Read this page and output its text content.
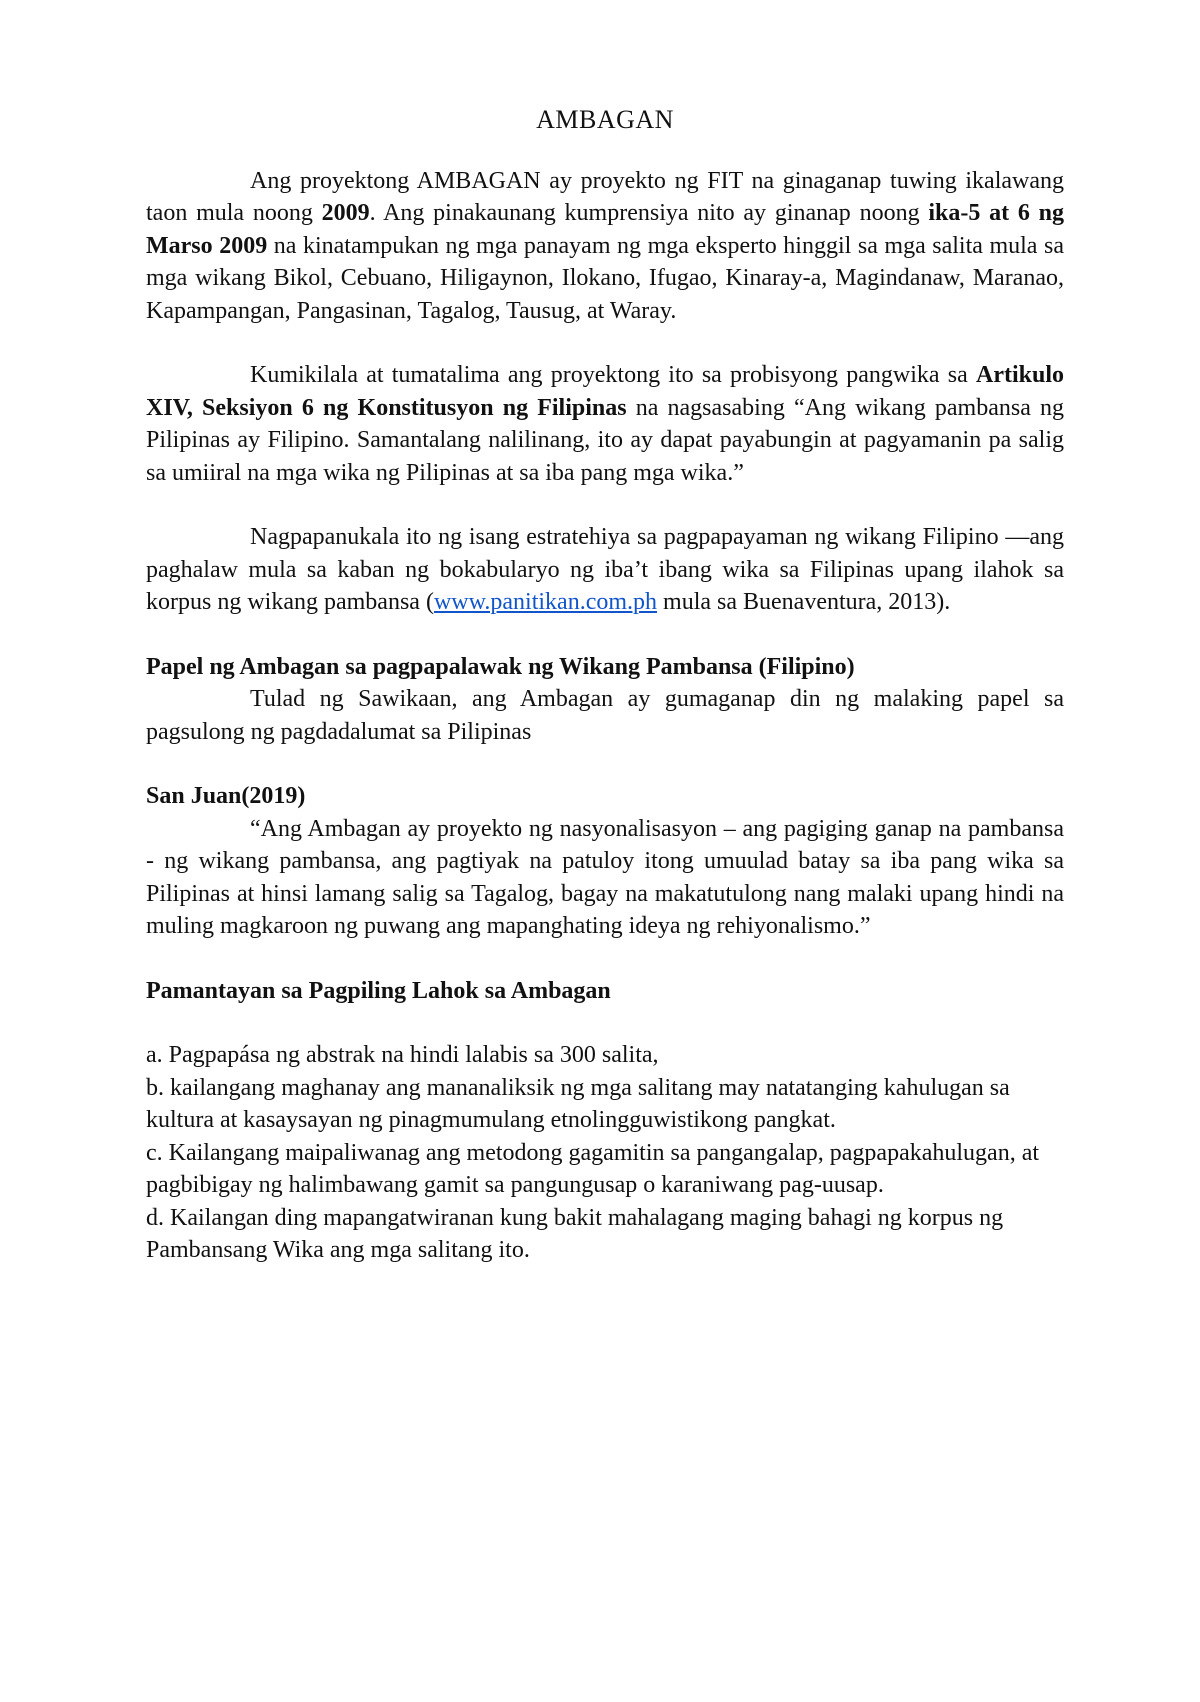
AMBAGAN

Ang proyektong AMBAGAN ay proyekto ng FIT na ginaganap tuwing ikalawang taon mula noong 2009. Ang pinakaunang kumprensiya nito ay ginanap noong ika-5 at 6 ng Marso 2009 na kinatampukan ng mga panayam ng mga eksperto hinggil sa mga salita mula sa mga wikang Bikol, Cebuano, Hiligaynon, Ilokano, Ifugao, Kinaray-a, Magindanaw, Maranao, Kapampangan, Pangasinan, Tagalog, Tausug, at Waray.

Kumikilala at tumatalima ang proyektong ito sa probisyong pangwika sa Artikulo XIV, Seksiyon 6 ng Konstitusyon ng Filipinas na nagsasabing “Ang wikang pambansa ng Pilipinas ay Filipino. Samantalang nalilinang, ito ay dapat payabungin at pagyamanin pa salig sa umiiral na mga wika ng Pilipinas at sa iba pang mga wika.”

Nagpapanukala ito ng isang estratehiya sa pagpapayaman ng wikang Filipino —ang paghalaw mula sa kaban ng bokabularyo ng iba’t ibang wika sa Filipinas upang ilahok sa korpus ng wikang pambansa (www.panitikan.com.ph mula sa Buenaventura, 2013).

Papel ng Ambagan sa pagpapalawak ng Wikang Pambansa (Filipino)

Tulad ng Sawikaan, ang Ambagan ay gumaganap din ng malaking papel sa pagsulong ng pagdadalumat sa Pilipinas

San Juan(2019)

“Ang Ambagan ay proyekto ng nasyonalisasyon – ang pagiging ganap na pambansa - ng wikang pambansa, ang pagtiyak na patuloy itong umuulad batay sa iba pang wika sa Pilipinas at hinsi lamang salig sa Tagalog, bagay na makatutulong nang malaki upang hindi na muling magkaroon ng puwang ang mapanghating ideya ng rehiyonalismo.”

Pamantayan sa Pagpiling Lahok sa Ambagan

a. Pagpapása ng abstrak na hindi lalabis sa 300 salita,

b. kailangang maghanay ang mananaliksik ng mga salitang may natatanging kahulugan sa kultura at kasaysayan ng pinagmumulang etnolingguwistikong pangkat.

c. Kailangang maipaliwanag ang metodong gagamitin sa pangangalap, pagpapakahulugan, at pagbibigay ng halimbawang gamit sa pangungusap o karaniwang pag-uusap.

d. Kailangan ding mapangatwiranan kung bakit mahalagang maging bahagi ng korpus ng Pambansang Wika ang mga salitang ito.
